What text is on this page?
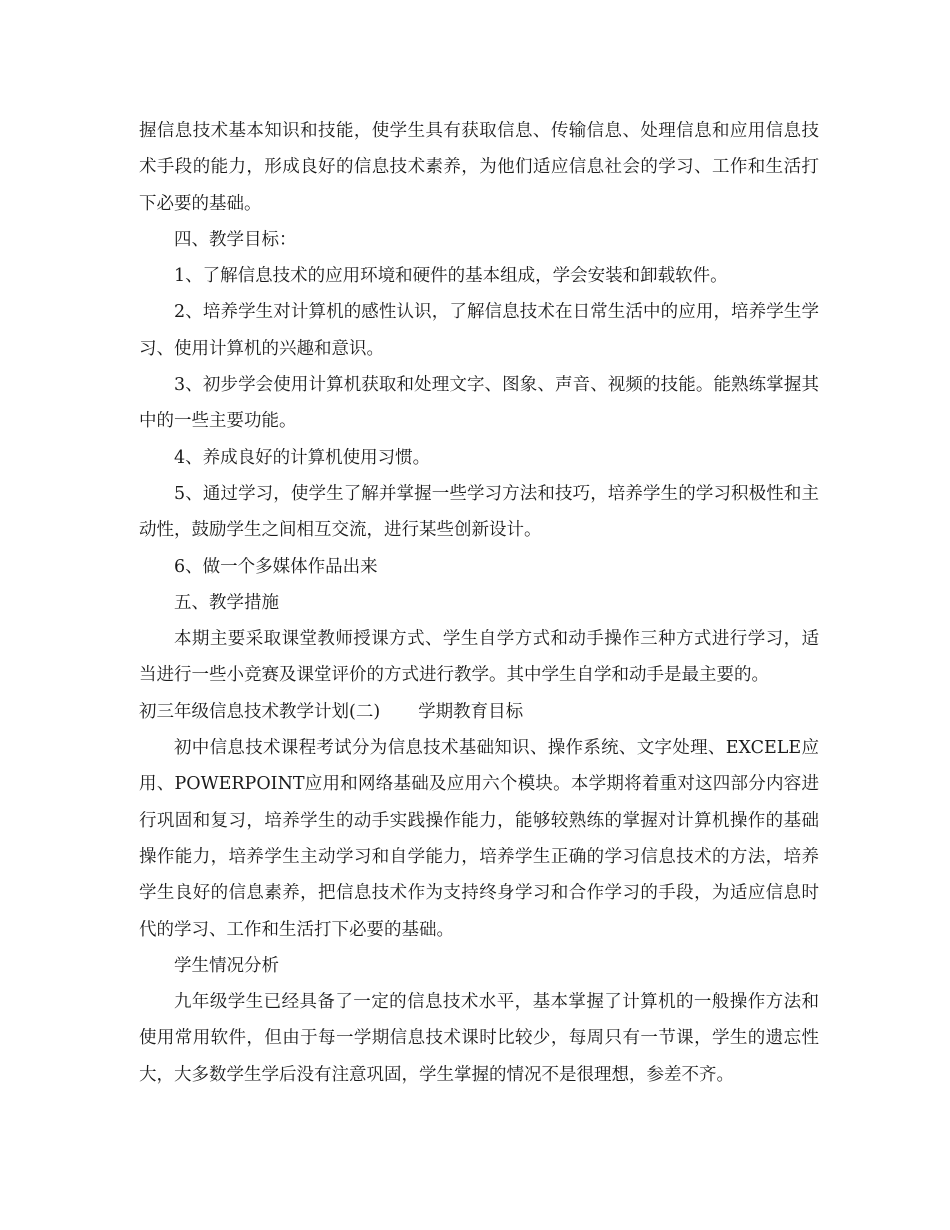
握信息技术基本知识和技能，使学生具有获取信息、传输信息、处理信息和应用信息技术手段的能力，形成良好的信息技术素养，为他们适应信息社会的学习、工作和生活打下必要的基础。

四、教学目标：

1、了解信息技术的应用环境和硬件的基本组成，学会安装和卸载软件。

2、培养学生对计算机的感性认识，了解信息技术在日常生活中的应用，培养学生学习、使用计算机的兴趣和意识。

3、初步学会使用计算机获取和处理文字、图象、声音、视频的技能。能熟练掌握其中的一些主要功能。

4、养成良好的计算机使用习惯。

5、通过学习，使学生了解并掌握一些学习方法和技巧，培养学生的学习积极性和主动性，鼓励学生之间相互交流，进行某些创新设计。

6、做一个多媒体作品出来

五、教学措施

本期主要采取课堂教师授课方式、学生自学方式和动手操作三种方式进行学习，适当进行一些小竞赛及课堂评价的方式进行教学。其中学生自学和动手是最主要的。

初三年级信息技术教学计划(二) 学期教育目标

初中信息技术课程考试分为信息技术基础知识、操作系统、文字处理、EXCELE应用、POWERPOINT应用和网络基础及应用六个模块。本学期将着重对这四部分内容进行巩固和复习，培养学生的动手实践操作能力，能够较熟练的掌握对计算机操作的基础操作能力，培养学生主动学习和自学能力，培养学生正确的学习信息技术的方法，培养学生良好的信息素养，把信息技术作为支持终身学习和合作学习的手段，为适应信息时代的学习、工作和生活打下必要的基础。

学生情况分析

九年级学生已经具备了一定的信息技术水平，基本掌握了计算机的一般操作方法和使用常用软件，但由于每一学期信息技术课时比较少，每周只有一节课，学生的遗忘性大，大多数学生学后没有注意巩固，学生掌握的情况不是很理想，参差不齐。
